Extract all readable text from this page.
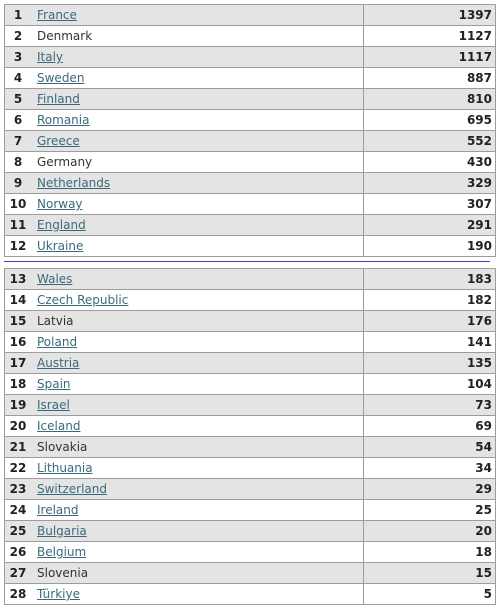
1	France	1397
2	Denmark	1127
3	Italy	1117
4	Sweden	887
5	Finland	810
6	Romania	695
7	Greece	552
8	Germany	430
9	Netherlands	329
10	Norway	307
11	England	291
12	Ukraine	190
13	Wales	183
14	Czech Republic	182
15	Latvia	176
16	Poland	141
17	Austria	135
18	Spain	104
19	Israel	73
20	Iceland	69
21	Slovakia	54
22	Lithuania	34
23	Switzerland	29
24	Ireland	25
25	Bulgaria	20
26	Belgium	18
27	Slovenia	15
28	Türkiye	5
